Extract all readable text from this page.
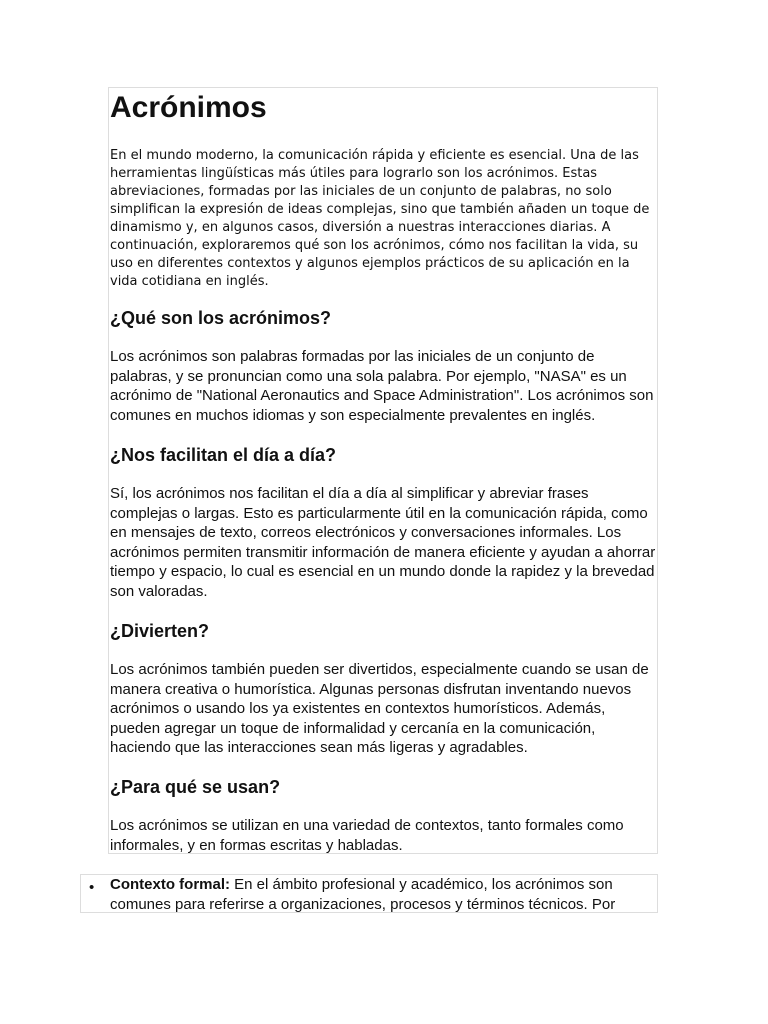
Acrónimos

En el mundo moderno, la comunicación rápida y eficiente es esencial. Una de las herramientas lingüísticas más útiles para lograrlo son los acrónimos. Estas abreviaciones, formadas por las iniciales de un conjunto de palabras, no solo simplifican la expresión de ideas complejas, sino que también añaden un toque de dinamismo y, en algunos casos, diversión a nuestras interacciones diarias. A continuación, exploraremos qué son los acrónimos, cómo nos facilitan la vida, su uso en diferentes contextos y algunos ejemplos prácticos de su aplicación en la vida cotidiana en inglés.

¿Qué son los acrónimos?

Los acrónimos son palabras formadas por las iniciales de un conjunto de palabras, y se pronuncian como una sola palabra. Por ejemplo, "NASA" es un acrónimo de "National Aeronautics and Space Administration". Los acrónimos son comunes en muchos idiomas y son especialmente prevalentes en inglés.

¿Nos facilitan el día a día?

Sí, los acrónimos nos facilitan el día a día al simplificar y abreviar frases complejas o largas. Esto es particularmente útil en la comunicación rápida, como en mensajes de texto, correos electrónicos y conversaciones informales. Los acrónimos permiten transmitir información de manera eficiente y ayudan a ahorrar tiempo y espacio, lo cual es esencial en un mundo donde la rapidez y la brevedad son valoradas.

¿Divierten?

Los acrónimos también pueden ser divertidos, especialmente cuando se usan de manera creativa o humorística. Algunas personas disfrutan inventando nuevos acrónimos o usando los ya existentes en contextos humorísticos. Además, pueden agregar un toque de informalidad y cercanía en la comunicación, haciendo que las interacciones sean más ligeras y agradables.

¿Para qué se usan?

Los acrónimos se utilizan en una variedad de contextos, tanto formales como informales, y en formas escritas y habladas.

• Contexto formal: En el ámbito profesional y académico, los acrónimos son comunes para referirse a organizaciones, procesos y términos técnicos. Por
